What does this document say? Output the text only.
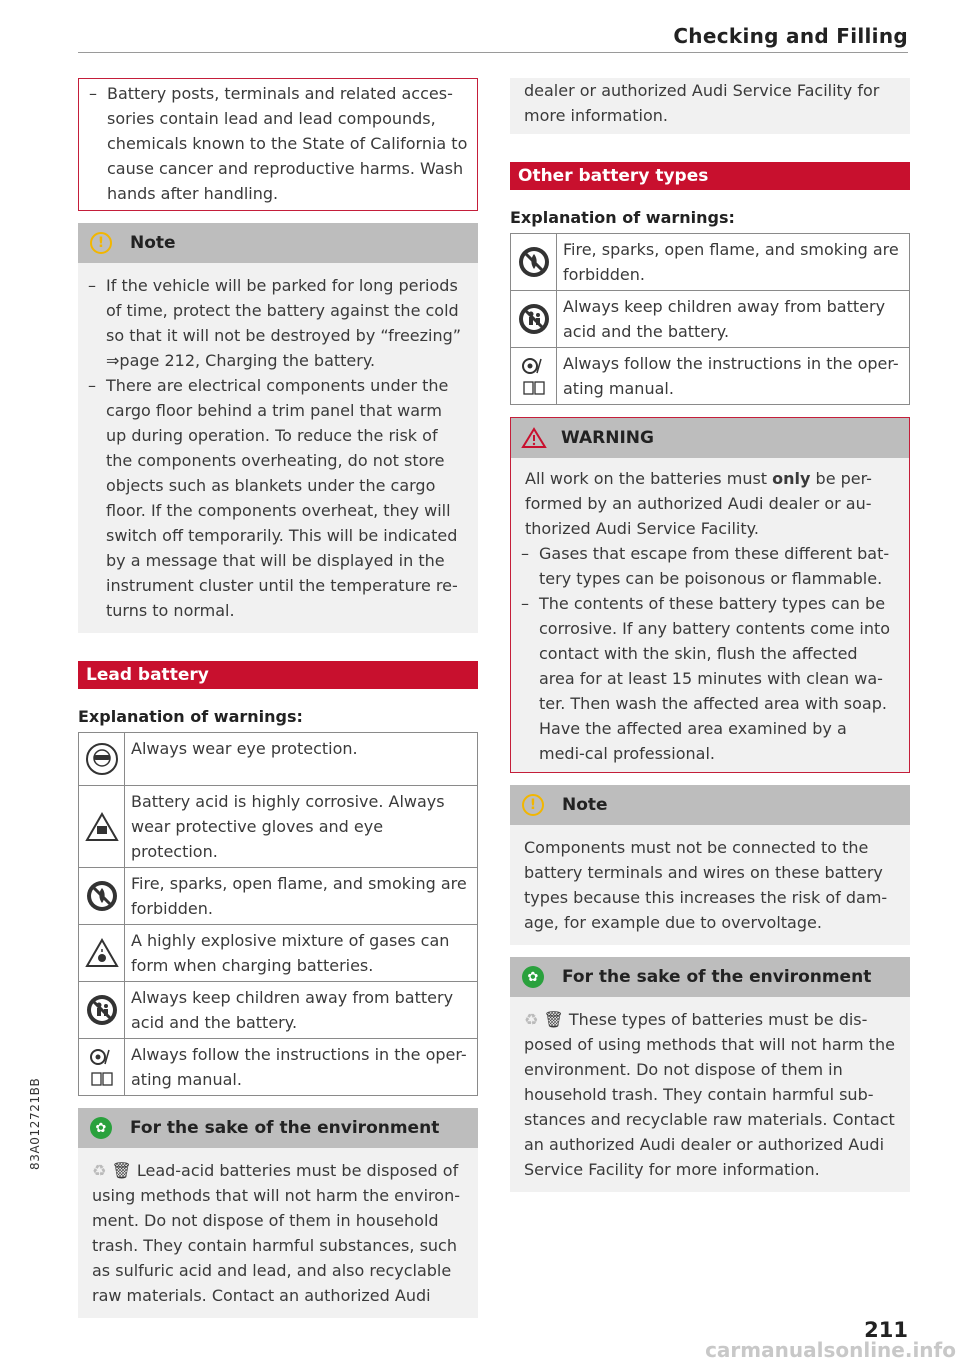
Checking and Filling
– Battery posts, terminals and related acces-sories contain lead and lead compounds, chemicals known to the State of California to cause cancer and reproductive harms. Wash hands after handling.
!	Note
– If the vehicle will be parked for long periods of time, protect the battery against the cold so that it will not be destroyed by “freezing” ⇒page 212, Charging the battery.
– There are electrical components under the cargo floor behind a trim panel that warm up during operation. To reduce the risk of the components overheating, do not store objects such as blankets under the cargo floor. If the components overheat, they will switch off temporarily. This will be indicated by a message that will be displayed in the instrument cluster until the temperature re-turns to normal.
Lead battery
Explanation of warnings:
Always wear eye protection.
Battery acid is highly corrosive. Always wear protective gloves and eye protection.
Fire, sparks, open flame, and smoking are forbidden.
A highly explosive mixture of gases can form when charging batteries.
Always keep children away from battery acid and the battery.
Always follow the instructions in the oper-ating manual.
✿	For the sake of the environment
♻ 🗑 Lead-acid batteries must be disposed of using methods that will not harm the environ-ment. Do not dispose of them in household trash. They contain harmful substances, such as sulfuric acid and lead, and also recyclable raw materials. Contact an authorized Audi
dealer or authorized Audi Service Facility for more information.
Other battery types
Explanation of warnings:
Fire, sparks, open flame, and smoking are forbidden.
Always keep children away from battery acid and the battery.
Always follow the instructions in the oper-ating manual.
WARNING
All work on the batteries must only be per-formed by an authorized Audi dealer or au-thorized Audi Service Facility.
– Gases that escape from these different bat-tery types can be poisonous or flammable.
– The contents of these battery types can be corrosive. If any battery contents come into contact with the skin, flush the affected area for at least 15 minutes with clean wa-ter. Then wash the affected area with soap. Have the affected area examined by a medi-cal professional.
!	Note
Components must not be connected to the battery terminals and wires on these battery types because this increases the risk of dam-age, for example due to overvoltage.
✿	For the sake of the environment
♻ 🗑 These types of batteries must be dis-posed of using methods that will not harm the environment. Do not dispose of them in household trash. They contain harmful sub-stances and recyclable raw materials. Contact an authorized Audi dealer or authorized Audi Service Facility for more information.
83A012721BB
211
carmanualsonline.info
